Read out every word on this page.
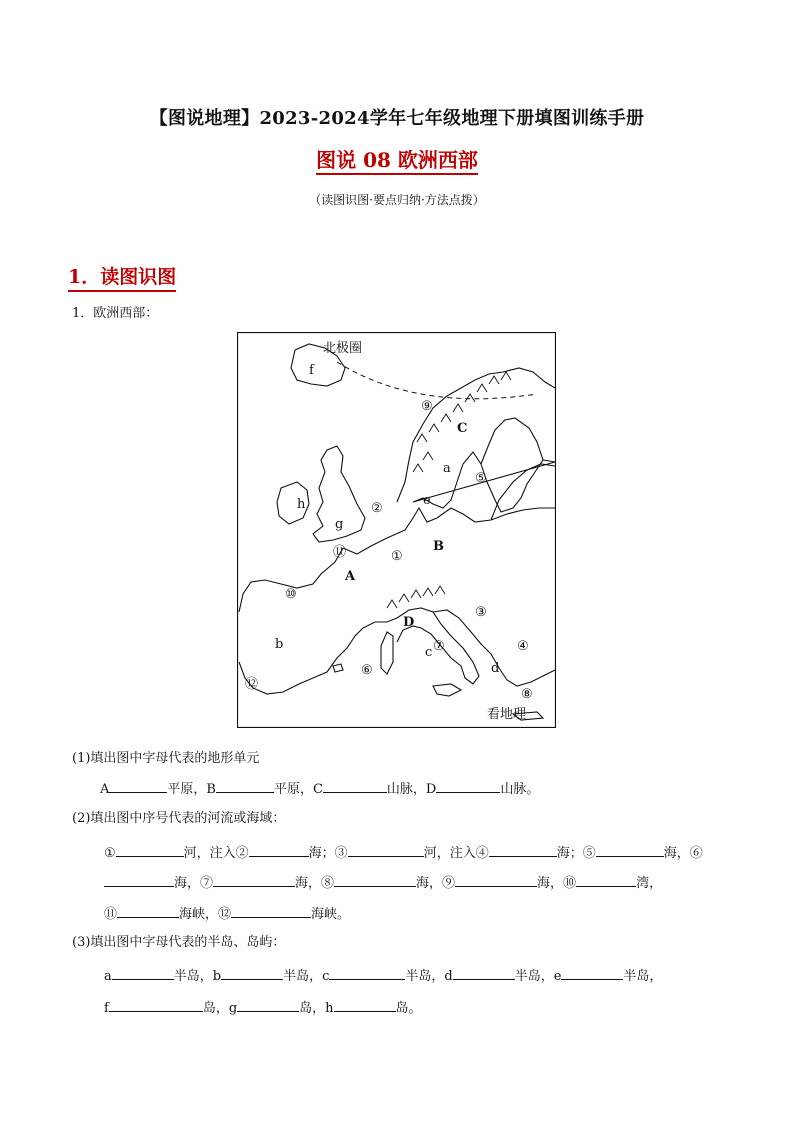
【图说地理】2023-2024学年七年级地理下册填图训练手册
图说 08 欧洲西部
（读图识图·要点归纳·方法点拨）
1．读图识图
1．欧洲西部：
北极圈
A
B
C
D
a
b
c
d
e
f
g
h
①
②
③
④
⑤
⑥
⑦
⑧
⑨
⑩
⑪
⑫
看地理
(1)填出图中字母代表的地形单元
A	平原，B	平原，C	山脉，D	山脉。
(2)填出图中序号代表的河流或海域：
①	河，注入②	海；③	河，注入④	海；⑤	海，⑥
海，⑦	海，⑧	海，⑨	海，⑩	湾，
⑪	海峡，⑫	海峡。
(3)填出图中字母代表的半岛、岛屿：
a	半岛，b	半岛，c	半岛，d	半岛，e	半岛，
f	岛，g	岛，h	岛。
